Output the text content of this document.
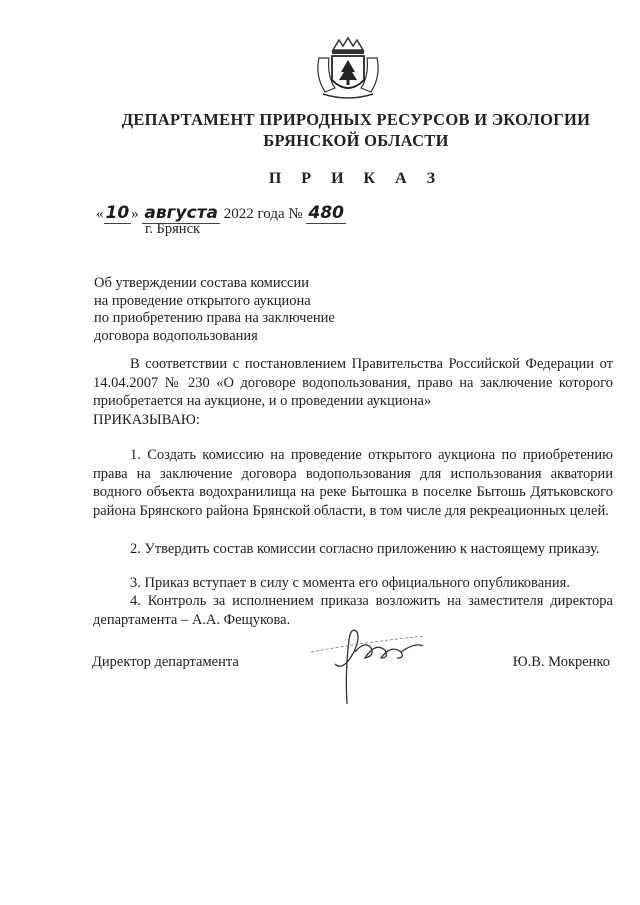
ДЕПАРТАМЕНТ ПРИРОДНЫХ РЕСУРСОВ И ЭКОЛОГИИ
БРЯНСКОЙ ОБЛАСТИ
П Р И К А З
« 10 » августа 2022 года № 480
г. Брянск
Об утверждении состава комиссии
на проведение открытого аукциона
по приобретению права на заключение
договора водопользования
В соответствии с постановлением Правительства Российской Федерации от 14.04.2007 № 230 «О договоре водопользования, право на заключение которого приобретается на аукционе, и о проведении аукциона»
ПРИКАЗЫВАЮ:
1. Создать комиссию на проведение открытого аукциона по приобретению права на заключение договора водопользования для использования акватории водного объекта водохранилища на реке Бытошка в поселке Бытошь Дятьковского района Брянского района Брянской области, в том числе для рекреационных целей.
2. Утвердить состав комиссии согласно приложению к настоящему приказу.
3. Приказ вступает в силу с момента его официального опубликования.
4. Контроль за исполнением приказа возложить на заместителя директора департамента – А.А. Фещукова.
Директор департамента	Ю.В. Мокренко
